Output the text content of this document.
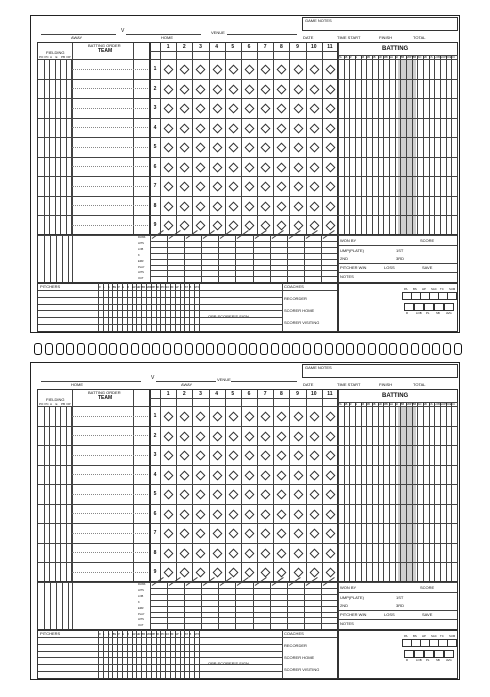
GAME NOTES
V
AWAY	HOME
VENUE
DATE	TIME START	FINISH	TOTAL
BATTING ORDER
TEAM
FIELDING
PO PC A E PB DP
1	2	3	4	5	6	7	8	9	10	11
1
2
3
4
5
6
7
8
9
BATTING
PA AB R H 1B 2B 3B HR RBI SH SF BB HBP IBB SO SB CS LOB GDP ROE FC
RUNS
HITS
LOB
K
ERR
PLAY
HITS
OUT
WON BY	SCORE
UMP(PLATE)	1ST
2ND	3RD
PITCHER WIN	LOSS	SAVE
NOTES
PITCHERS	COACHES
RECORDER
SCORER HOME
SCORER VISITING
OPP SCORER'S SIGN
W L S BS IP H R ER HR BB HBP WP BK PO SO BF NP K ST B STK	PA BS HP SAC TC SUM
R	LOB PL SB AVG
GAME NOTES
V
HOME	AWAY
VENUE
DATE	TIME START	FINISH	TOTAL
BATTING ORDER
TEAM
FIELDING
PO PC A E PB DP
1	2	3	4	5	6	7	8	9	10	11
1
2
3
4
5
6
7
8
9
BATTING
PA AB R H 1B 2B 3B HR RBI SH SF BB HBP IBB SO SB CS LOB GDP ROE FC
RUNS
HITS
LOB
K
ERR
PLAY
HITS
OUT
WON BY	SCORE
UMP(PLATE)	1ST
2ND	3RD
PITCHER WIN	LOSS	SAVE
NOTES
PITCHERS	COACHES
RECORDER
SCORER HOME
SCORER VISITING
OPP SCORER'S SIGN
W L S BS IP H R ER HR BB HBP WP BK PO SO BF NP K ST B STK	PA BS HP SAC TC SUM
R	LOB PL SB AVG
